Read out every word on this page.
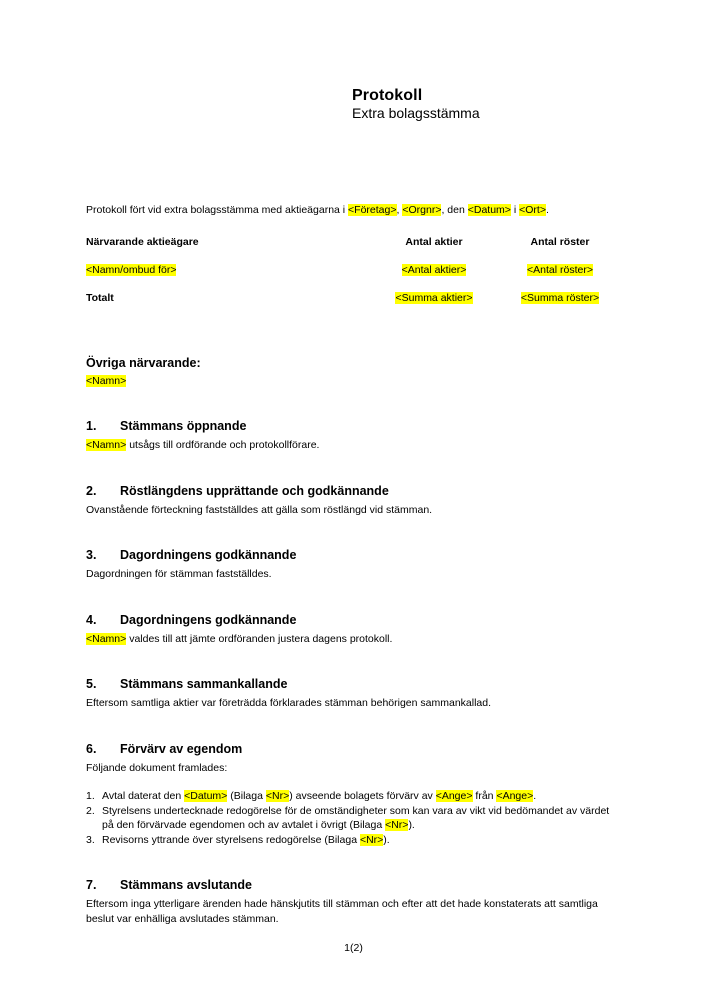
Protokoll
Extra bolagsstämma

Protokoll fört vid extra bolagsstämma med aktieägarna i <Företag>, <Orgnr>, den <Datum> i <Ort>.

Närvarande aktieägare	Antal aktier	Antal röster
<Namn/ombud för>	<Antal aktier>	<Antal röster>
Totalt	<Summa aktier>	<Summa röster>
Övriga närvarande:
<Namn>
1. Stämmans öppnande

<Namn> utsågs till ordförande och protokollförare.

2. Röstlängdens upprättande och godkännande

Ovanstående förteckning fastställdes att gälla som röstlängd vid stämman.

3. Dagordningens godkännande

Dagordningen för stämman fastställdes.

4. Dagordningens godkännande

<Namn> valdes till att jämte ordföranden justera dagens protokoll.

5. Stämmans sammankallande

Eftersom samtliga aktier var företrädda förklarades stämman behörigen sammankallad.

6. Förvärv av egendom

Följande dokument framlades:

1. Avtal daterat den <Datum> (Bilaga <Nr>) avseende bolagets förvärv av <Ange> från <Ange>.
2. Styrelsens undertecknade redogörelse för de omständigheter som kan vara av vikt vid bedömandet av värdet på den förvärvade egendomen och av avtalet i övrigt (Bilaga <Nr>).
3. Revisorns yttrande över styrelsens redogörelse (Bilaga <Nr>).
7. Stämmans avslutande

Eftersom inga ytterligare ärenden hade hänskjutits till stämman och efter att det hade konstaterats att samtliga beslut var enhälliga avslutades stämman.

1(2)
